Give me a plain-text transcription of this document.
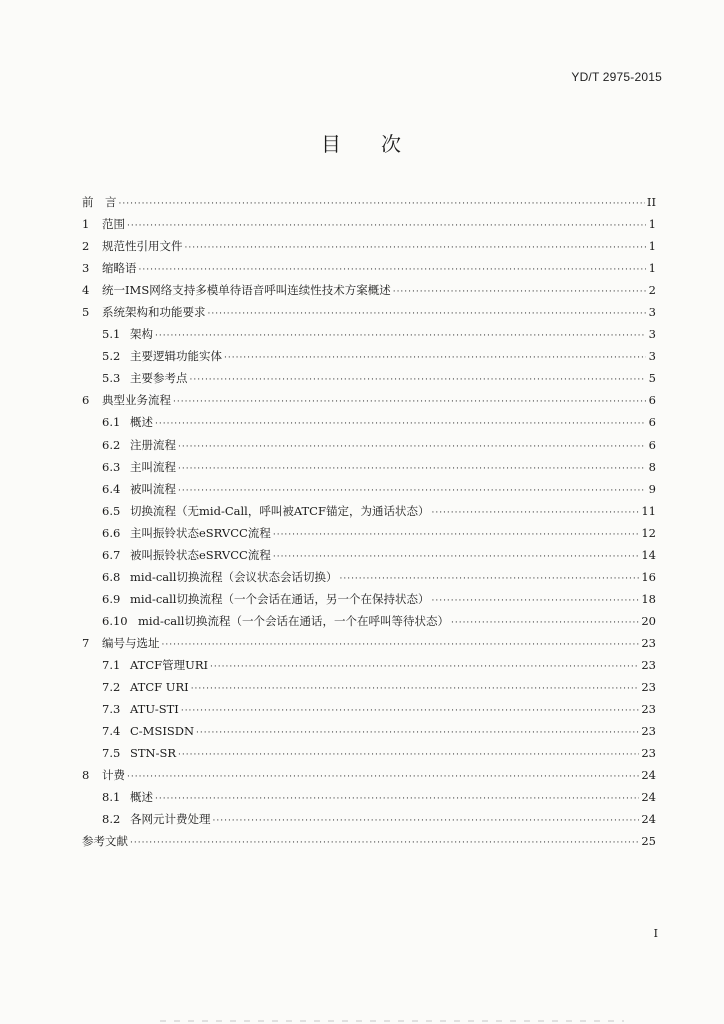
YD/T 2975-2015
目 次
前　言 ·····	II
1	范围 ·····	1
2	规范性引用文件 ·····	1
3	缩略语 ·····	1
4	统一IMS网络支持多模单待语音呼叫连续性技术方案概述 ·····	2
5	系统架构和功能要求 ·····	3
5.1 架构 ·····	3
5.2 主要逻辑功能实体 ·····	3
5.3 主要参考点 ·····	5
6	典型业务流程 ·····	6
6.1 概述 ·····	6
6.2 注册流程 ·····	6
6.3 主叫流程 ·····	8
6.4 被叫流程 ·····	9
6.5 切换流程（无mid-Call，呼叫被ATCF锚定，为通话状态） ·····	11
6.6 主叫振铃状态eSRVCC流程 ·····	12
6.7 被叫振铃状态eSRVCC流程 ·····	14
6.8 mid-call切换流程（会议状态会话切换） ·····	16
6.9 mid-call切换流程（一个会话在通话，另一个在保持状态） ·····	18
6.10 mid-call切换流程（一个会话在通话，一个在呼叫等待状态） ·····	20
7	编号与选址 ·····	23
7.1 ATCF管理URI ·····	23
7.2 ATCF URI ·····	23
7.3 ATU-STI ·····	23
7.4 C-MSISDN ·····	23
7.5 STN-SR ·····	23
8	计费 ·····	24
8.1 概述 ·····	24
8.2 各网元计费处理 ·····	24
参考文献 ·····	25
I
